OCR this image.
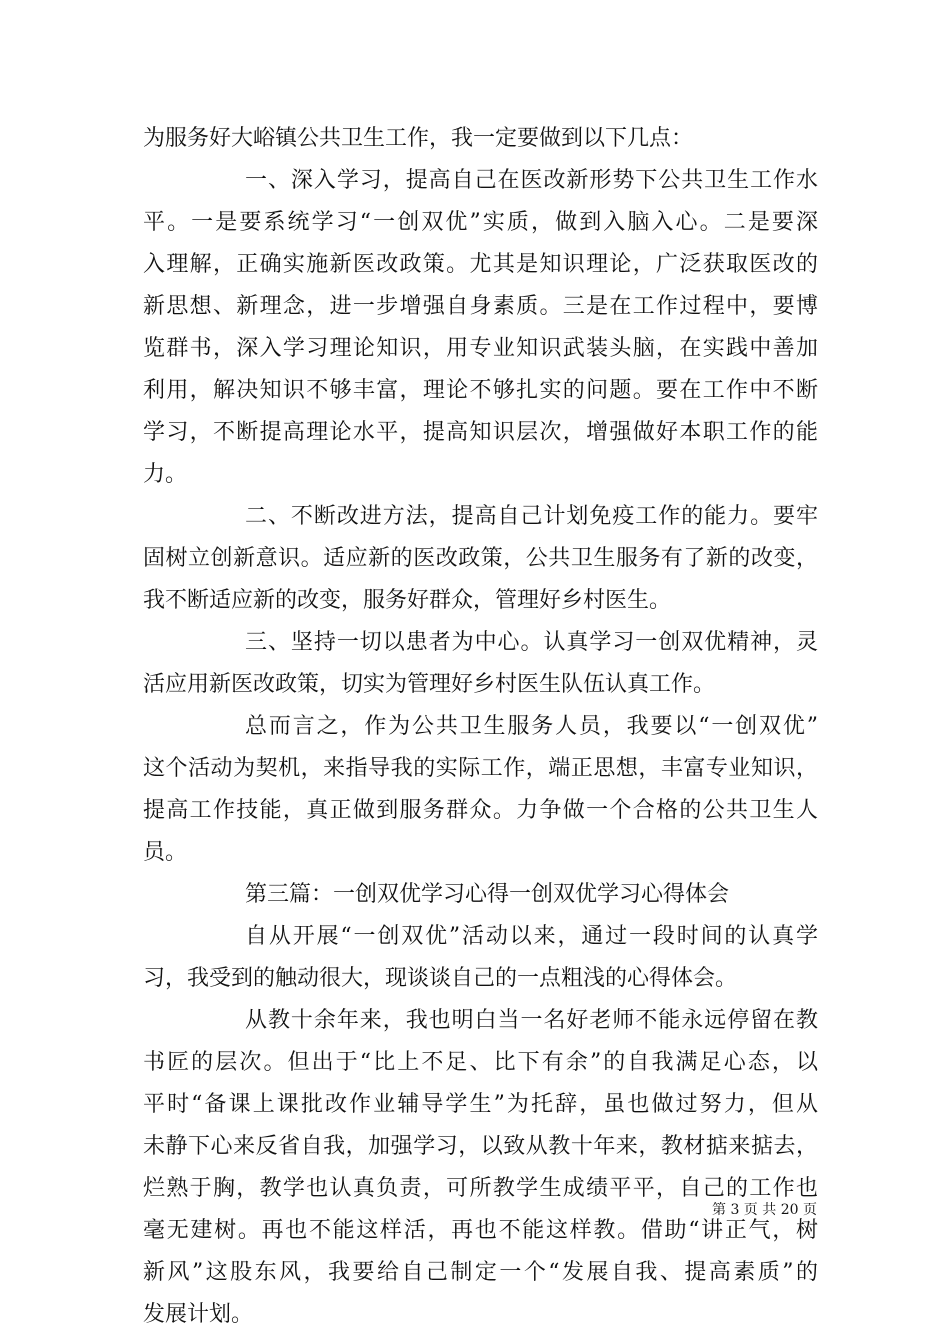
为服务好大峪镇公共卫生工作，我一定要做到以下几点：
一、深入学习，提高自己在医改新形势下公共卫生工作水
平。一是要系统学习“一创双优”实质，做到入脑入心。二是要深
入理解，正确实施新医改政策。尤其是知识理论，广泛获取医改的
新思想、新理念，进一步增强自身素质。三是在工作过程中，要博
览群书，深入学习理论知识，用专业知识武装头脑，在实践中善加
利用，解决知识不够丰富，理论不够扎实的问题。要在工作中不断
学习，不断提高理论水平，提高知识层次，增强做好本职工作的能
力。
二、不断改进方法，提高自己计划免疫工作的能力。要牢
固树立创新意识。适应新的医改政策，公共卫生服务有了新的改变，
我不断适应新的改变，服务好群众，管理好乡村医生。
三、坚持一切以患者为中心。认真学习一创双优精神，灵
活应用新医改政策，切实为管理好乡村医生队伍认真工作。
总而言之，作为公共卫生服务人员，我要以“一创双优”
这个活动为契机，来指导我的实际工作，端正思想，丰富专业知识，
提高工作技能，真正做到服务群众。力争做一个合格的公共卫生人
员。
第三篇：一创双优学习心得一创双优学习心得体会
自从开展“一创双优”活动以来，通过一段时间的认真学
习，我受到的触动很大，现谈谈自己的一点粗浅的心得体会。
从教十余年来，我也明白当一名好老师不能永远停留在教
书匠的层次。但出于“比上不足、比下有余”的自我满足心态，以
平时“备课上课批改作业辅导学生”为托辞，虽也做过努力，但从
未静下心来反省自我，加强学习，以致从教十年来，教材掂来掂去，
烂熟于胸，教学也认真负责，可所教学生成绩平平，自己的工作也
毫无建树。再也不能这样活，再也不能这样教。借助“讲正气，树
新风”这股东风，我要给自己制定一个“发展自我、提高素质”的
发展计划。
第 3 页 共 20 页
